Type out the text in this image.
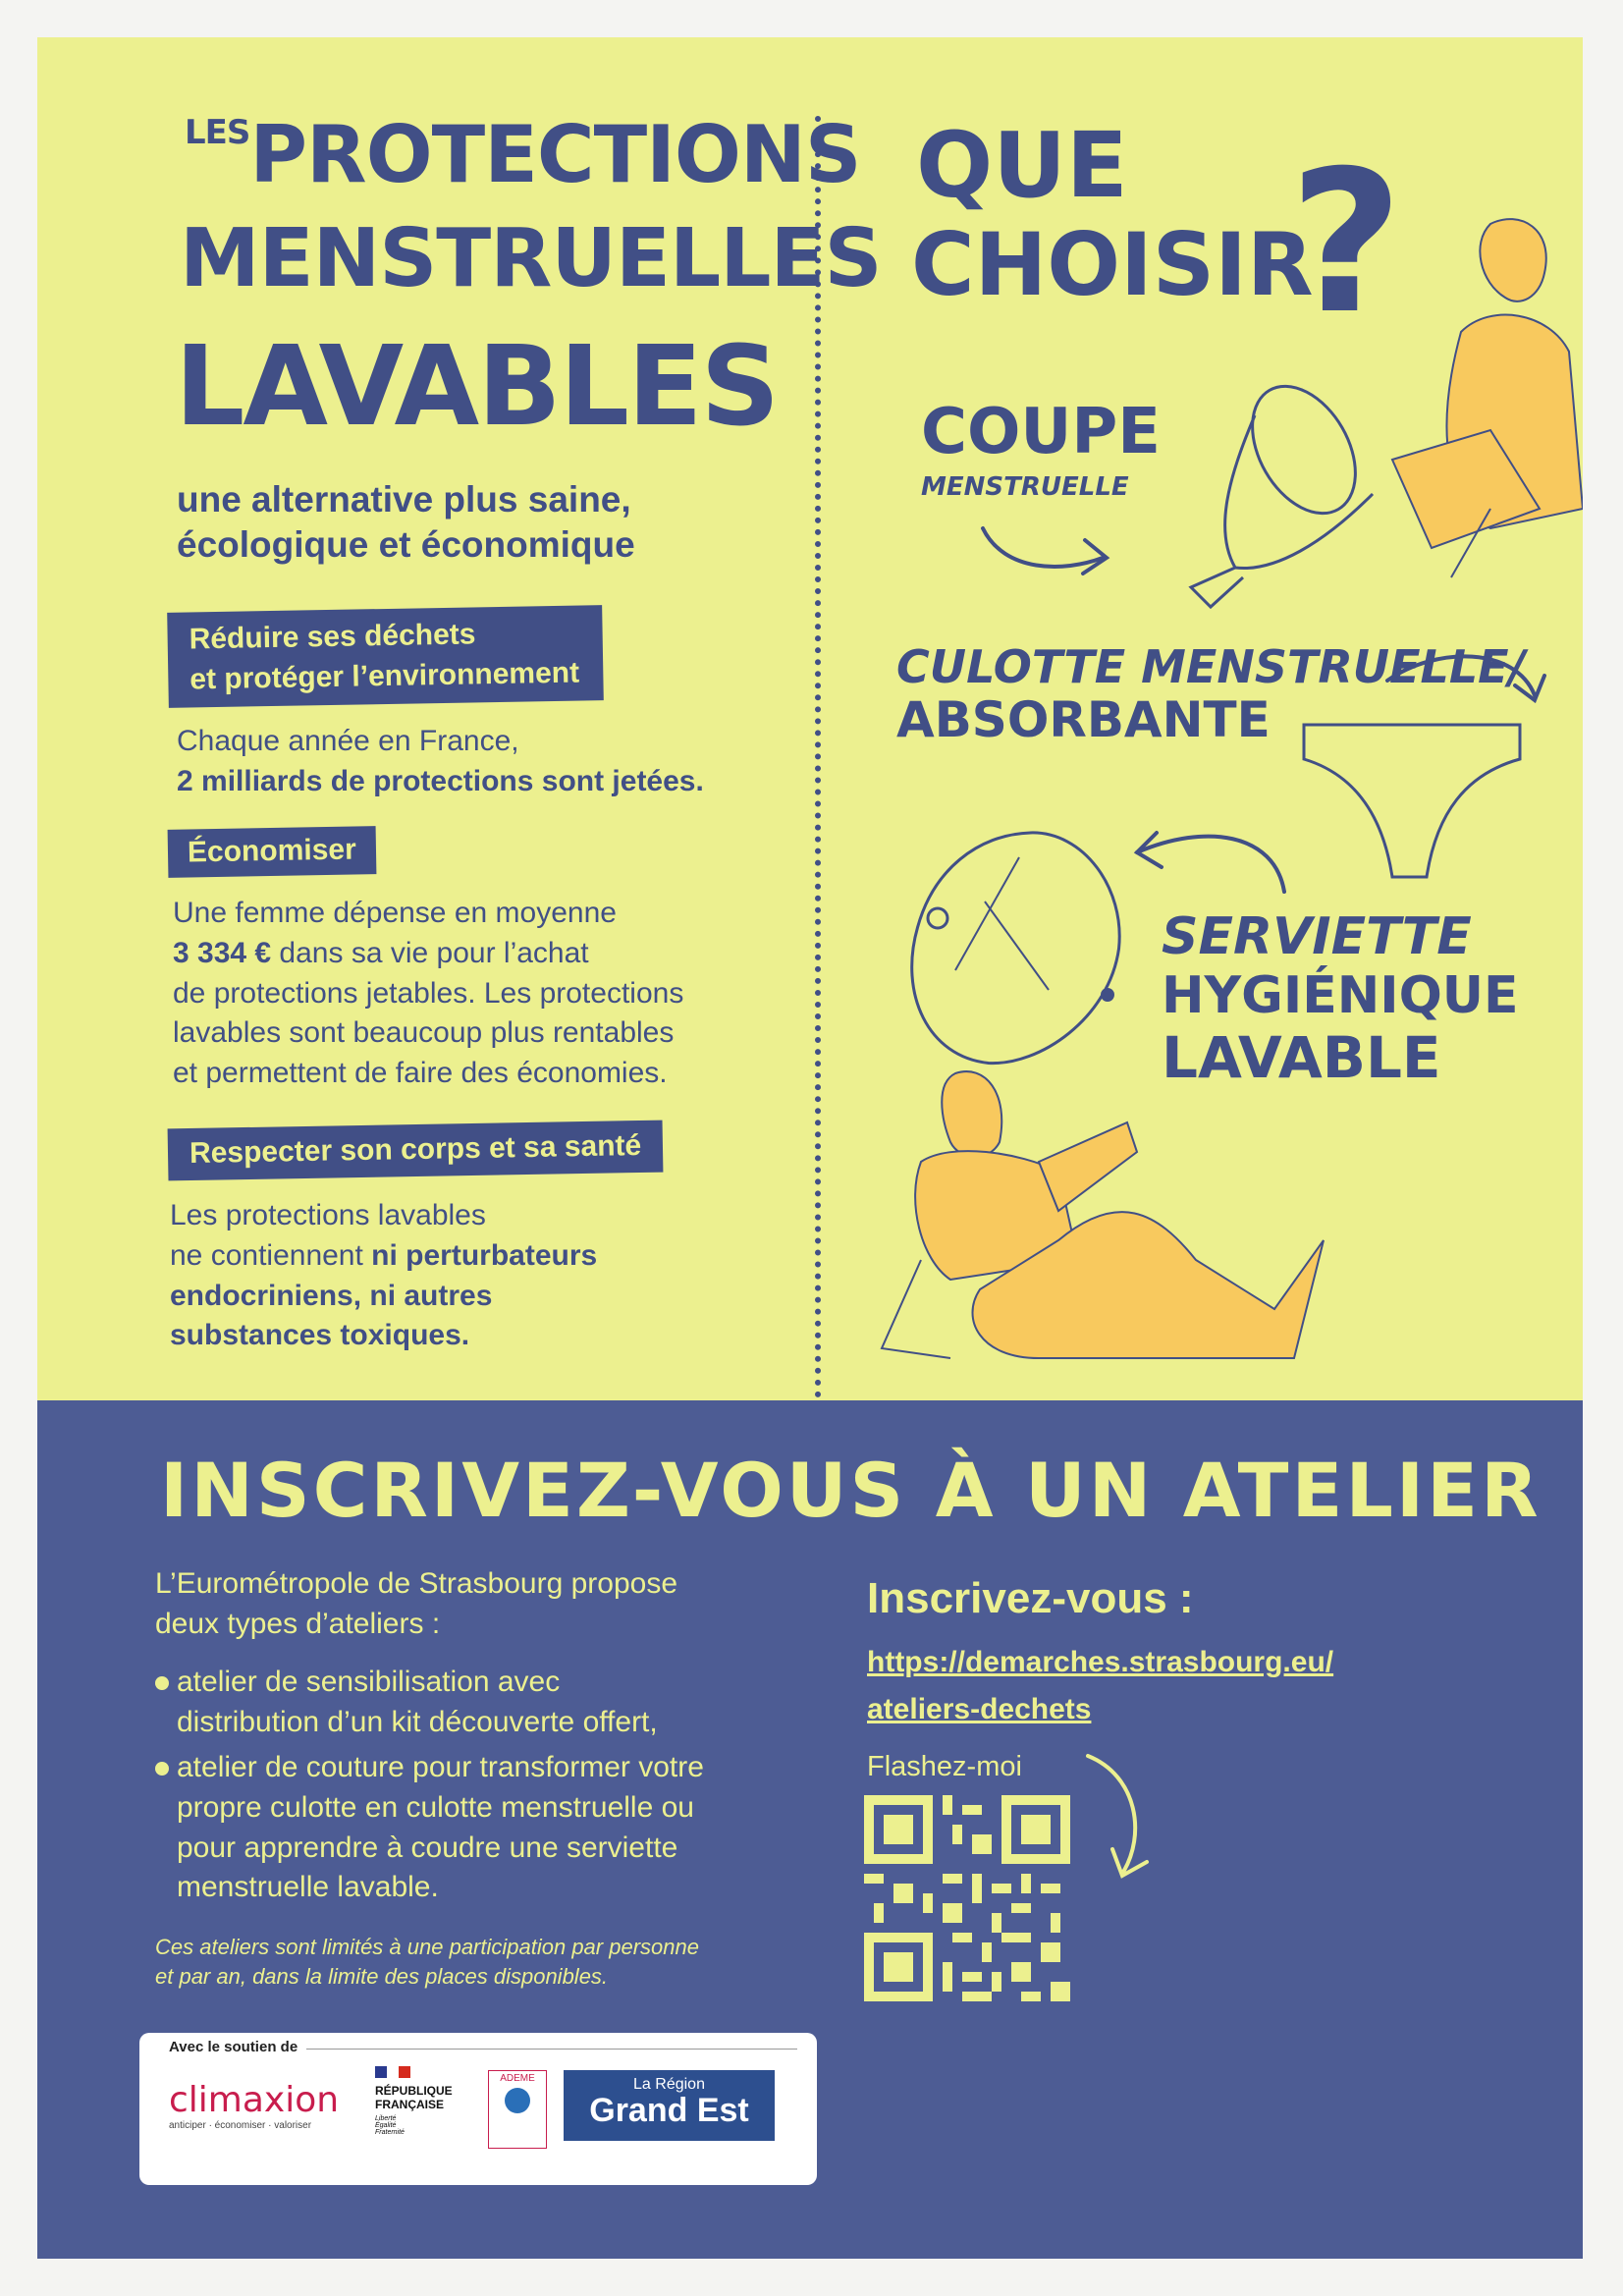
$^{LES}$PROTECTIONS
MENSTRUELLES
LAVABLES
une alternative plus saine,
écologique et économique
Réduire ses déchets
et protéger l’environnement
Chaque année en France,
2 milliards de protections sont jetées.
Économiser
Une femme dépense en moyenne
3 334 € dans sa vie pour l’achat
de protections jetables. Les protections
lavables sont beaucoup plus rentables
et permettent de faire des économies.
Respecter son corps et sa santé
Les protections lavables
ne contiennent ni perturbateurs
endocriniens, ni autres
substances toxiques.
QUE
CHOISIR
?
COUPE
MENSTRUELLE
CULOTTE MENSTRUELLE/
ABSORBANTE
SERVIETTE
HYGIÉNIQUE
LAVABLE
INSCRIVEZ-VOUS À UN ATELIER
L’Eurométropole de Strasbourg propose
deux types d’ateliers :
atelier de sensibilisation avec
distribution d’un kit découverte offert,
atelier de couture pour transformer votre
propre culotte en culotte menstruelle ou
pour apprendre à coudre une serviette
menstruelle lavable.
Ces ateliers sont limités à une participation par personne
et par an, dans la limite des places disponibles.
Inscrivez-vous :
https://demarches.strasbourg.eu/
ateliers-dechets
Flashez-moi
Avec le soutien de
climaxion
anticiper · économiser · valoriser
RÉPUBLIQUE
FRANÇAISE
Liberté
Égalité
Fraternité
ADEME	La Région
Grand Est
